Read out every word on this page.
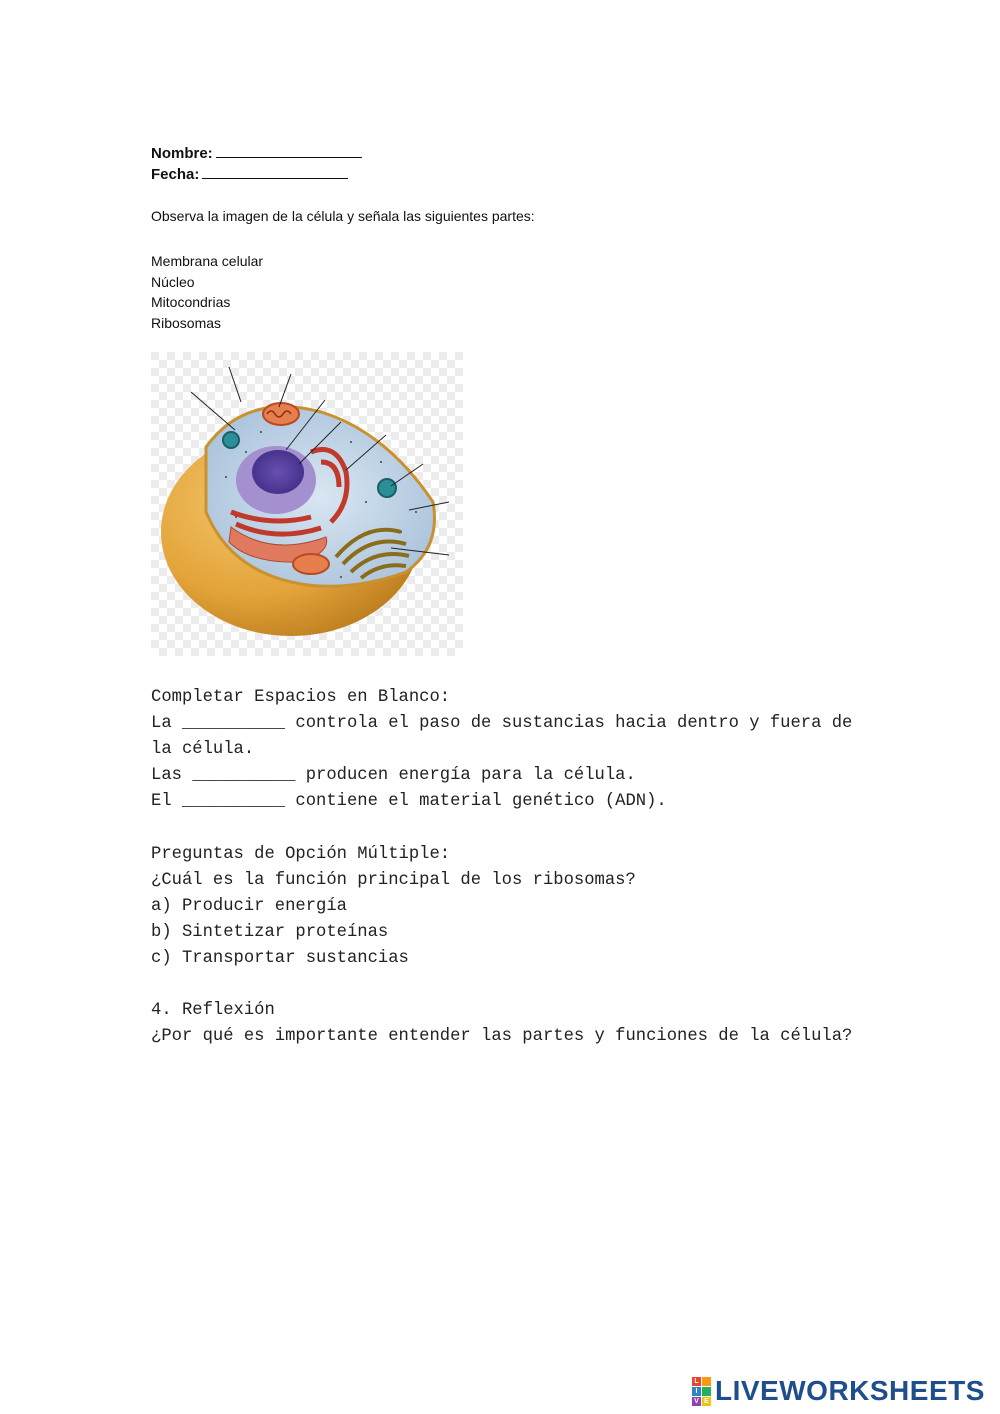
Nombre:
Fecha:
Observa la imagen de la célula y señala las siguientes partes:
Membrana celular
Núcleo
Mitocondrias
Ribosomas
Completar Espacios en Blanco:
La __________ controla el paso de sustancias hacia dentro y fuera de
la célula.
Las __________ producen energía para la célula.
El __________ contiene el material genético (ADN).
Preguntas de Opción Múltiple:
¿Cuál es la función principal de los ribosomas?
a) Producir energía
b) Sintetizar proteínas
c) Transportar sustancias
4. Reflexión
¿Por qué es importante entender las partes y funciones de la célula?
L
I
V E LIVEWORKSHEETS
